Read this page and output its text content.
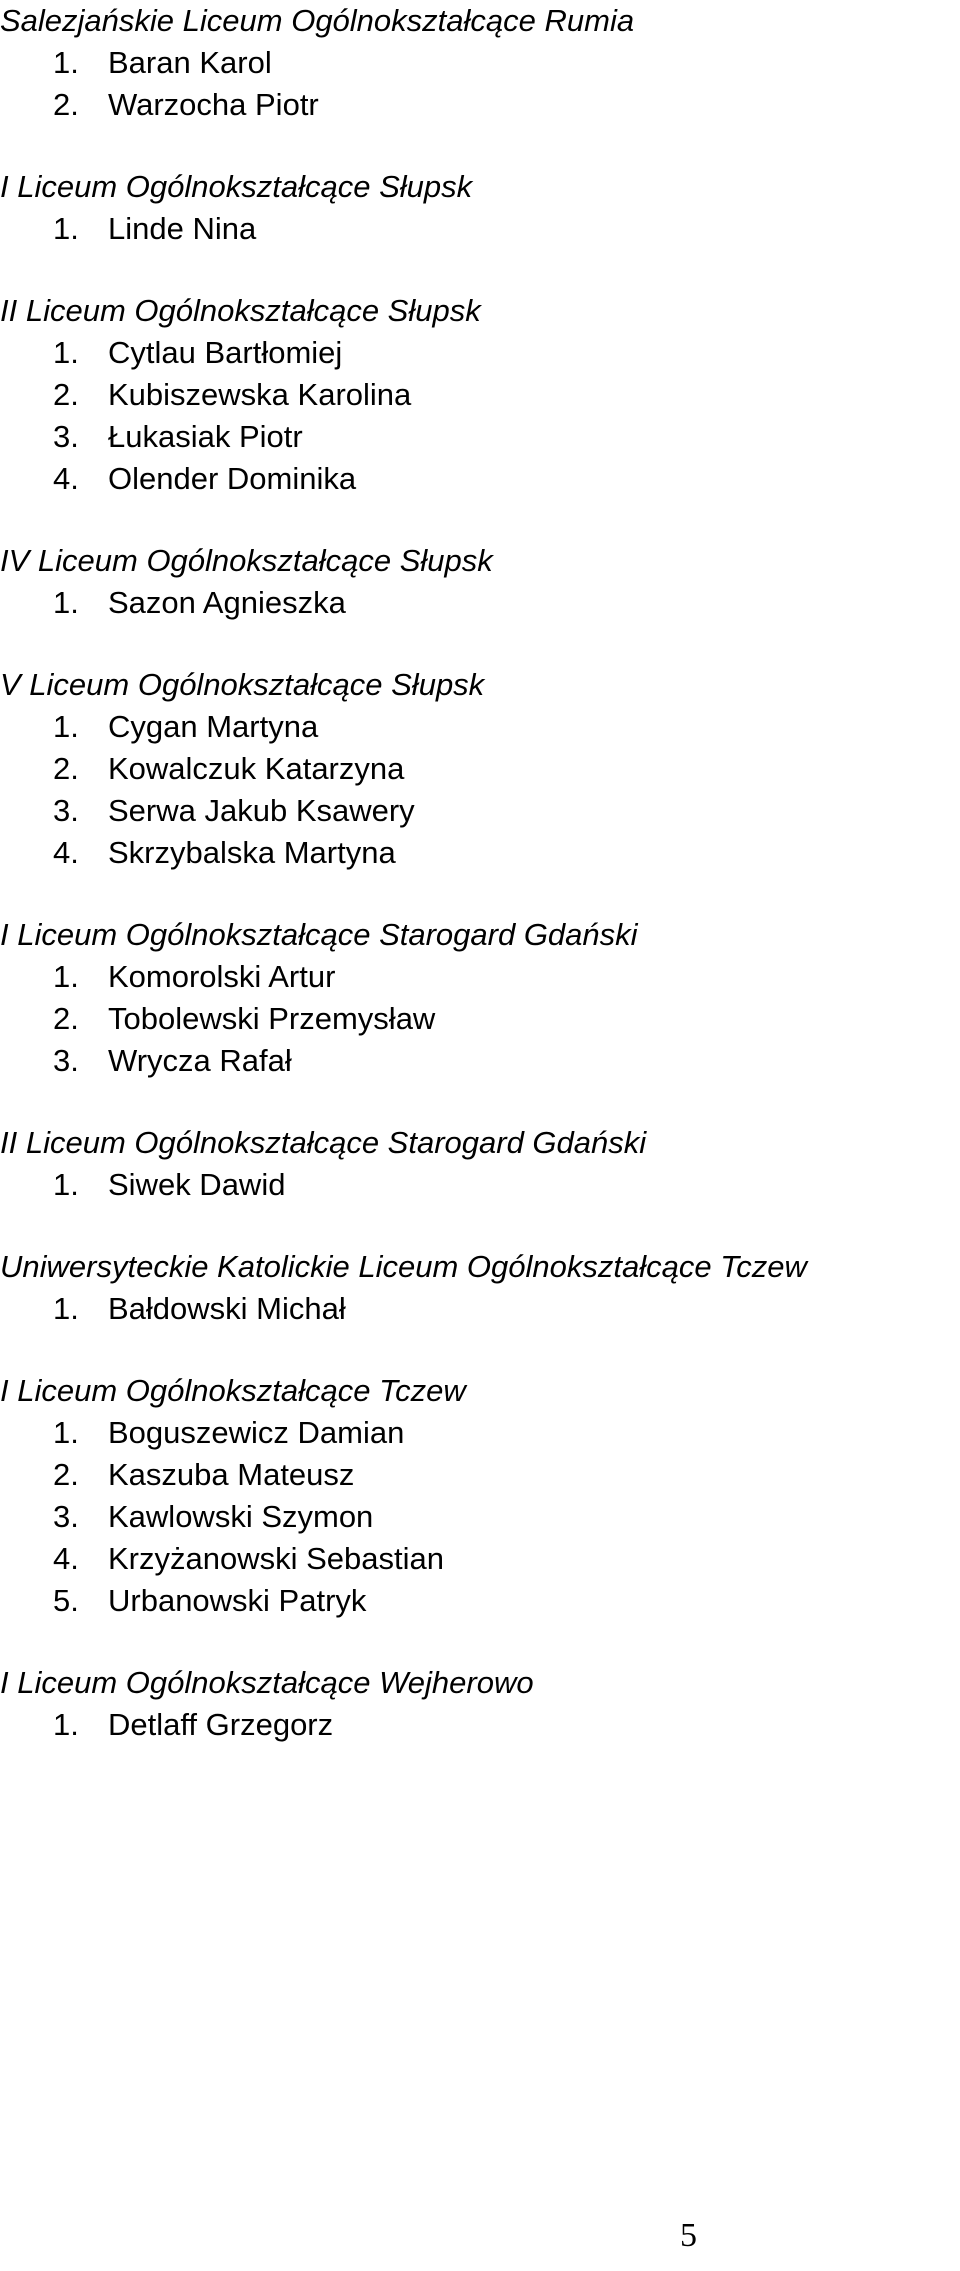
Salezjańskie Liceum Ogólnokształcące Rumia

1. Baran Karol

2. Warzocha Piotr

I Liceum Ogólnokształcące Słupsk

1. Linde Nina

II Liceum Ogólnokształcące Słupsk

1. Cytlau Bartłomiej

2. Kubiszewska Karolina

3. Łukasiak Piotr

4. Olender Dominika

IV Liceum Ogólnokształcące Słupsk

1. Sazon Agnieszka

V Liceum Ogólnokształcące Słupsk

1. Cygan Martyna

2. Kowalczuk Katarzyna

3. Serwa Jakub Ksawery

4. Skrzybalska Martyna

I Liceum Ogólnokształcące Starogard Gdański

1. Komorolski Artur

2. Tobolewski Przemysław

3. Wrycza Rafał

II Liceum Ogólnokształcące Starogard Gdański

1. Siwek Dawid

Uniwersyteckie Katolickie Liceum Ogólnokształcące Tczew

1. Bałdowski Michał

I Liceum Ogólnokształcące Tczew

1. Boguszewicz Damian

2. Kaszuba Mateusz

3. Kawlowski Szymon

4. Krzyżanowski Sebastian

5. Urbanowski Patryk

I Liceum Ogólnokształcące Wejherowo

1. Detlaff Grzegorz

5
